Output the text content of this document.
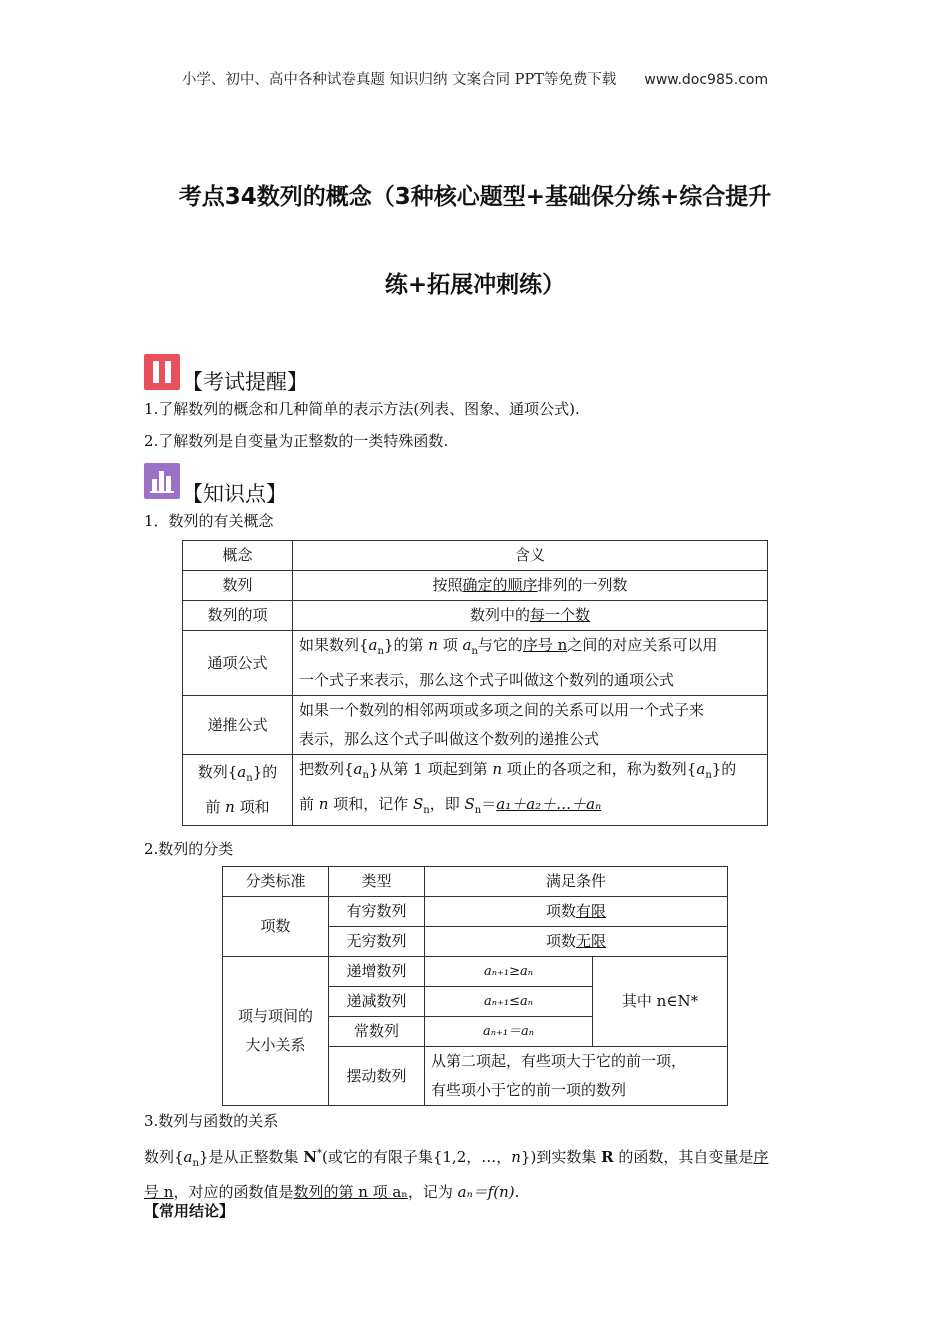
小学、初中、高中各种试卷真题 知识归纳 文案合同 PPT等免费下载 www.doc985.com
考点34数列的概念（3种核心题型+基础保分练+综合提升
练+拓展冲刺练）
【考试提醒】
1.了解数列的概念和几种简单的表示方法(列表、图象、通项公式).
2.了解数列是自变量为正整数的一类特殊函数.
【知识点】
1．数列的有关概念
概念	含义
数列	按照确定的顺序排列的一列数
数列的项	数列中的每一个数
通项公式	如果数列$\{a_n\}$的第 n 项 $a_n$与它的序号 n之间的对应关系可以用
一个式子来表示，那么这个式子叫做这个数列的通项公式
递推公式	如果一个数列的相邻两项或多项之间的关系可以用一个式子来
表示，那么这个式子叫做这个数列的递推公式
数列$\{a_n\}$的
前 n 项和	把数列$\{a_n\}$从第 1 项起到第 n 项止的各项之和，称为数列$\{a_n\}$的
前 n 项和，记作 $S_n$，即 $S_n=a_1+a_2+\dots+a_n$
2.数列的分类
分类标准	类型	满足条件	
项数	有穷数列	项数有限	
	无穷数列	项数无限	
项与项间的
大小关系	递增数列	aₙ₊₁≥aₙ	其中 n∈N*
	递减数列	aₙ₊₁≤aₙ	
	常数列	aₙ₊₁＝aₙ	
	摆动数列	从第二项起，有些项大于它的前一项，
有些项小于它的前一项的数列	
3.数列与函数的关系
数列$\{a_n\}$是从正整数集 N*(或它的有限子集{1,2，…，n})到实数集 R 的函数，其自变量是序
号 n，对应的函数值是数列的第 n 项 aₙ，记为 aₙ＝f(n).
【常用结论】
